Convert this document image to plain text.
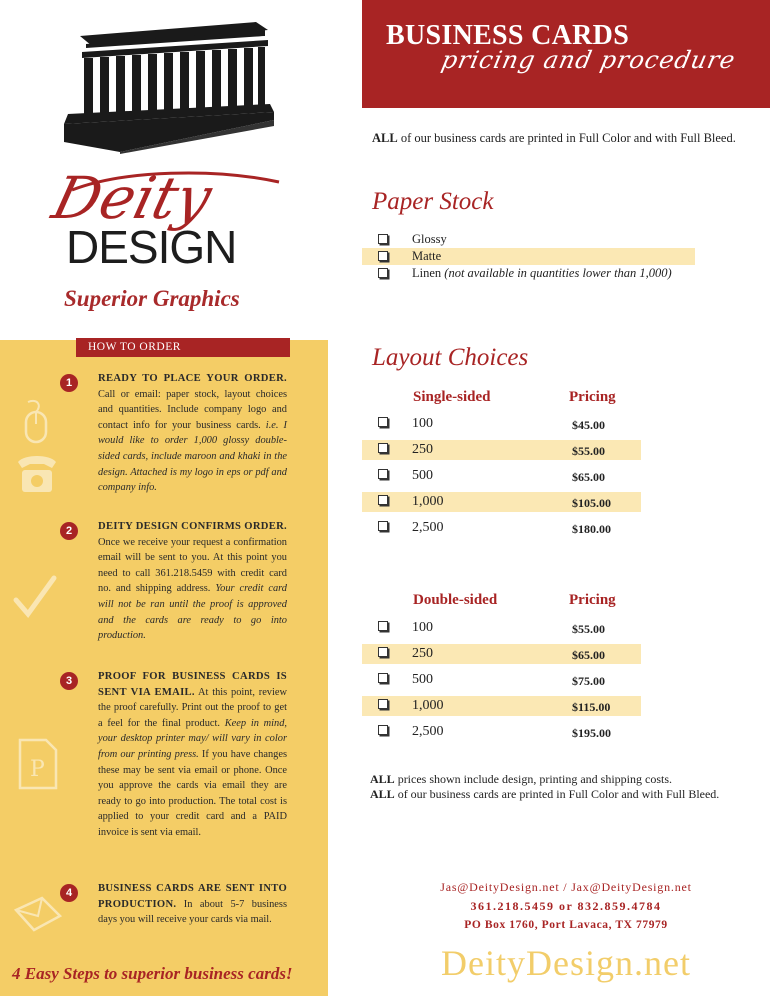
Deity
DESIGN
Superior Graphics
P
HOW TO ORDER
1	READY TO PLACE YOUR ORDER. Call or email: paper stock, layout choices and quantities. Include company logo and contact info for your business cards. i.e. I would like to order 1,000 glossy double-sided cards, include maroon and khaki in the design. Attached is my logo in eps or pdf and company info.
2	DEITY DESIGN CONFIRMS ORDER. Once we receive your request a confirmation email will be sent to you. At this point you need to call 361.218.5459 with credit card no. and shipping address. Your credit card will not be ran until the proof is approved and the cards are ready to go into production.
3	PROOF FOR BUSINESS CARDS IS SENT VIA EMAIL. At this point, review the proof carefully. Print out the proof to get a feel for the final product. Keep in mind, your desktop printer may/ will vary in color from our printing press. If you have changes these may be sent via email or phone. Once you approve the cards via email they are ready to go into production. The total cost is applied to your credit card and a PAID invoice is sent via email.
4	BUSINESS CARDS ARE SENT INTO PRODUCTION. In about 5-7 business days you will receive your cards via mail.
4 Easy Steps to superior business cards!
BUSINESS CARDS
pricing and procedure
ALL of our business cards are printed in Full Color and with Full Bleed.
Paper Stock
Glossy
Matte
Linen (not available in quantities lower than 1,000)
Layout Choices
Single-sided	Pricing
100	$45.00
250	$55.00
500	$65.00
1,000	$105.00
2,500	$180.00
Double-sided	Pricing
100	$55.00
250	$65.00
500	$75.00
1,000	$115.00
2,500	$195.00
ALL prices shown include design, printing and shipping costs.
ALL of our business cards are printed in Full Color and with Full Bleed.
Jas@DeityDesign.net / Jax@DeityDesign.net
361.218.5459 or 832.859.4784
PO Box 1760, Port Lavaca, TX 77979
DeityDesign.net
